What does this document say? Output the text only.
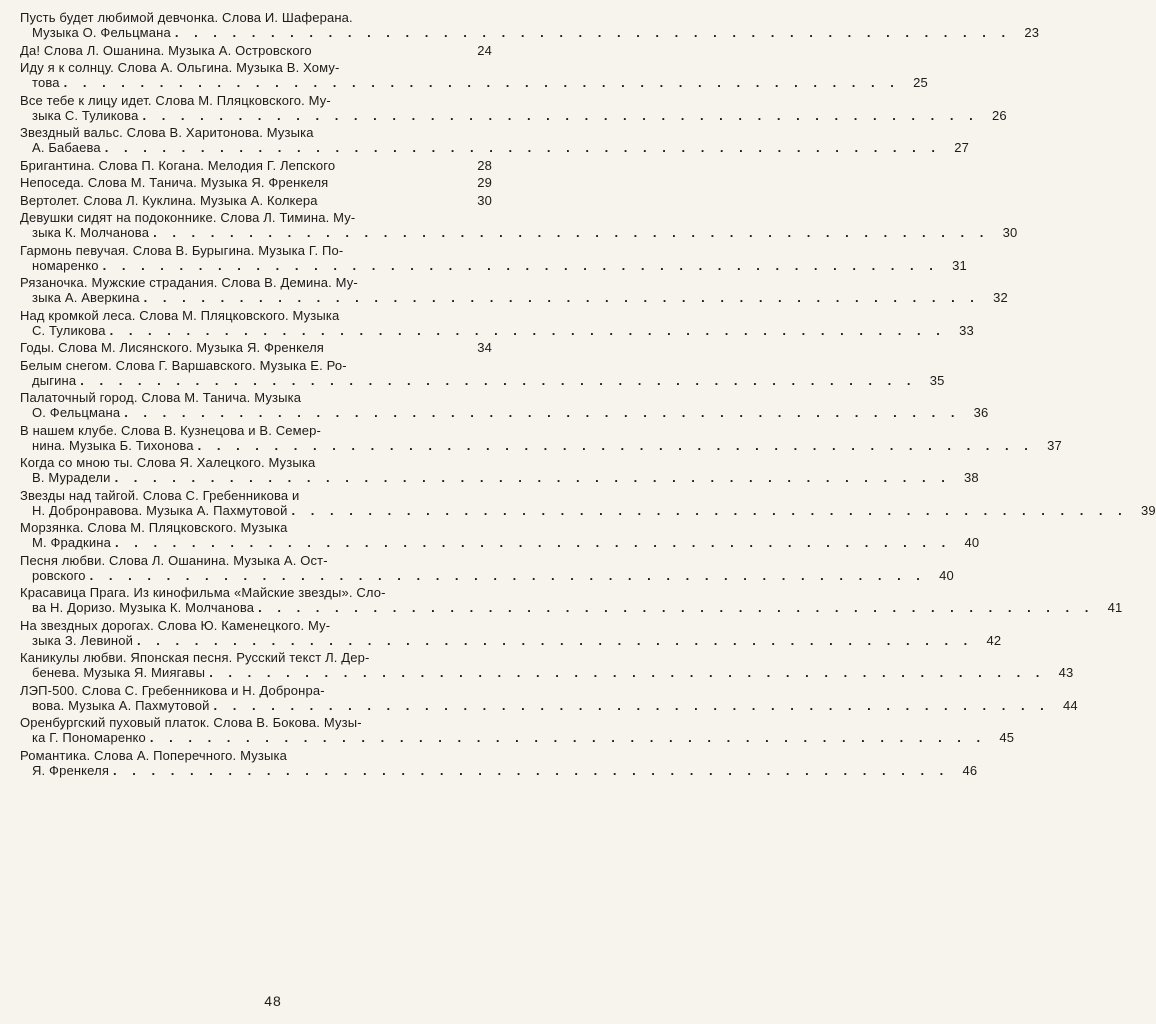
Пусть будет любимой девчонка. Слова И. Шаферана.
Музыка О. Фельцмана . . . . . . . . . . . . . . . . . . . . . . . . . . . . . . . . . . . . . . . . . . . .	23
Да! Слова Л. Ошанина. Музыка А. Островского	24
Иду я к солнцу. Слова А. Ольгина. Музыка В. Хому-
това . . . . . . . . . . . . . . . . . . . . . . . . . . . . . . . . . . . . . . . . . . . .	25
Все тебе к лицу идет. Слова М. Пляцковского. Му-
зыка С. Туликова . . . . . . . . . . . . . . . . . . . . . . . . . . . . . . . . . . . . . . . . . . . .	26
Звездный вальс. Слова В. Харитонова. Музыка
А. Бабаева . . . . . . . . . . . . . . . . . . . . . . . . . . . . . . . . . . . . . . . . . . . .	27
Бригантина. Слова П. Когана. Мелодия Г. Лепского	28
Непоседа. Слова М. Танича. Музыка Я. Френкеля	29
Вертолет. Слова Л. Куклина. Музыка А. Колкера	30
Девушки сидят на подоконнике. Слова Л. Тимина. Му-
зыка К. Молчанова . . . . . . . . . . . . . . . . . . . . . . . . . . . . . . . . . . . . . . . . . . . .	30
Гармонь певучая. Слова В. Бурыгина. Музыка Г. По-
номаренко . . . . . . . . . . . . . . . . . . . . . . . . . . . . . . . . . . . . . . . . . . . .	31
Рязаночка. Мужские страдания. Слова В. Демина. Му-
зыка А. Аверкина . . . . . . . . . . . . . . . . . . . . . . . . . . . . . . . . . . . . . . . . . . . .	32
Над кромкой леса. Слова М. Пляцковского. Музыка
С. Туликова . . . . . . . . . . . . . . . . . . . . . . . . . . . . . . . . . . . . . . . . . . . .	33
Годы. Слова М. Лисянского. Музыка Я. Френкеля	34
Белым снегом. Слова Г. Варшавского. Музыка Е. Ро-
дыгина . . . . . . . . . . . . . . . . . . . . . . . . . . . . . . . . . . . . . . . . . . . .	35
Палаточный город. Слова М. Танича. Музыка
О. Фельцмана . . . . . . . . . . . . . . . . . . . . . . . . . . . . . . . . . . . . . . . . . . . .	36
В нашем клубе. Слова В. Кузнецова и В. Семер-
нина. Музыка Б. Тихонова . . . . . . . . . . . . . . . . . . . . . . . . . . . . . . . . . . . . . . . . . . . .	37
Когда со мною ты. Слова Я. Халецкого. Музыка
В. Мурадели . . . . . . . . . . . . . . . . . . . . . . . . . . . . . . . . . . . . . . . . . . . .	38
Звезды над тайгой. Слова С. Гребенникова и
Н. Добронравова. Музыка А. Пахмутовой . . . . . . . . . . . . . . . . . . . . . . . . . . . . . . . . . . . . . . . . . . . .	39
Морзянка. Слова М. Пляцковского. Музыка
М. Фрадкина . . . . . . . . . . . . . . . . . . . . . . . . . . . . . . . . . . . . . . . . . . . .	40
Песня любви. Слова Л. Ошанина. Музыка А. Ост-
ровского . . . . . . . . . . . . . . . . . . . . . . . . . . . . . . . . . . . . . . . . . . . .	40
Красавица Прага. Из кинофильма «Майские звезды». Сло-
ва Н. Доризо. Музыка К. Молчанова . . . . . . . . . . . . . . . . . . . . . . . . . . . . . . . . . . . . . . . . . . . .	41
На звездных дорогах. Слова Ю. Каменецкого. Му-
зыка З. Левиной . . . . . . . . . . . . . . . . . . . . . . . . . . . . . . . . . . . . . . . . . . . .	42
Каникулы любви. Японская песня. Русский текст Л. Дер-
бенева. Музыка Я. Миягавы . . . . . . . . . . . . . . . . . . . . . . . . . . . . . . . . . . . . . . . . . . . .	43
ЛЭП-500. Слова С. Гребенникова и Н. Добронра-
вова. Музыка А. Пахмутовой . . . . . . . . . . . . . . . . . . . . . . . . . . . . . . . . . . . . . . . . . . . .	44
Оренбургский пуховый платок. Слова В. Бокова. Музы-
ка Г. Пономаренко . . . . . . . . . . . . . . . . . . . . . . . . . . . . . . . . . . . . . . . . . . . .	45
Романтика. Слова А. Поперечного. Музыка
Я. Френкеля . . . . . . . . . . . . . . . . . . . . . . . . . . . . . . . . . . . . . . . . . . . .	46
48
